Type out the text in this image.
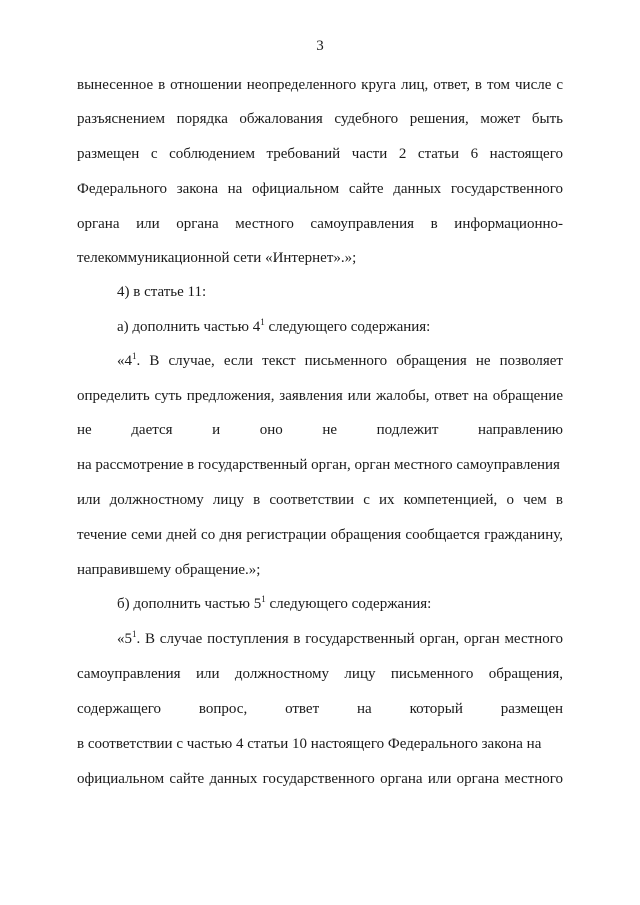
3
вынесенное в отношении неопределенного круга лиц, ответ, в том числе с
разъяснением порядка обжалования судебного решения, может быть
размещен с соблюдением требований части 2 статьи 6 настоящего
Федерального закона на официальном сайте данных государственного
органа или органа местного самоуправления в информационно-
телекоммуникационной сети «Интернет».»;
4) в статье 11:
а) дополнить частью $4^1$ следующего содержания:
«$4^1$. В случае, если текст письменного обращения не позволяет
определить суть предложения, заявления или жалобы, ответ на обращение
не дается и оно не подлежит направлению
на рассмотрение в государственный орган, орган местного самоуправления
или должностному лицу в соответствии с их компетенцией, о чем в
течение семи дней со дня регистрации обращения сообщается гражданину,
направившему обращение.»;
б) дополнить частью $5^1$ следующего содержания:
«$5^1$. В случае поступления в государственный орган, орган местного
самоуправления или должностному лицу письменного обращения,
содержащего вопрос, ответ на который размещен
в соответствии с частью 4 статьи 10 настоящего Федерального закона на
официальном сайте данных государственного органа или органа местного
